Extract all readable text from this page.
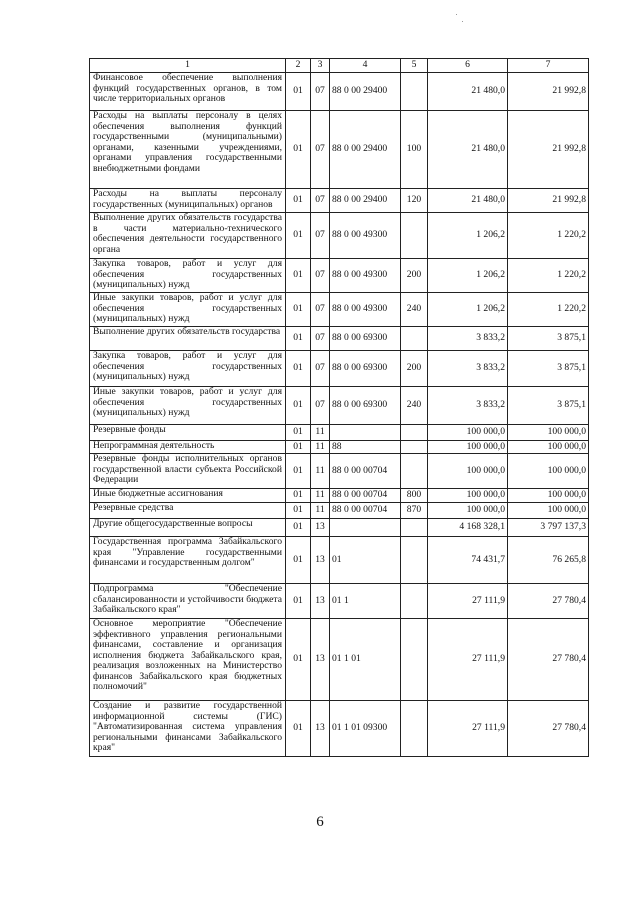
1	2	3	4	5	6	7
Финансовое обеспечение выполнения функций государственных органов, в том числе территориальных органов	01	07	88 0 00 29400		21 480,0	21 992,8
Расходы на выплаты персоналу в целях обеспечения выполнения функций государственными (муниципальными) органами, казенными учреждениями, органами управления государственными внебюджетными фондами	01	07	88 0 00 29400	100	21 480,0	21 992,8
Расходы на выплаты персоналу государственных (муниципальных) органов	01	07	88 0 00 29400	120	21 480,0	21 992,8
Выполнение других обязательств государства в части материально-технического обеспечения деятельности государственного органа	01	07	88 0 00 49300		1 206,2	1 220,2
Закупка товаров, работ и услуг для обеспечения государственных (муниципальных) нужд	01	07	88 0 00 49300	200	1 206,2	1 220,2
Иные закупки товаров, работ и услуг для обеспечения государственных (муниципальных) нужд	01	07	88 0 00 49300	240	1 206,2	1 220,2
Выполнение других обязательств государства	01	07	88 0 00 69300		3 833,2	3 875,1
Закупка товаров, работ и услуг для обеспечения государственных (муниципальных) нужд	01	07	88 0 00 69300	200	3 833,2	3 875,1
Иные закупки товаров, работ и услуг для обеспечения государственных (муниципальных) нужд	01	07	88 0 00 69300	240	3 833,2	3 875,1
Резервные фонды	01	11			100 000,0	100 000,0
Непрограммная деятельность	01	11	88		100 000,0	100 000,0
Резервные фонды исполнительных органов государственной власти субъекта Российской Федерации	01	11	88 0 00 00704		100 000,0	100 000,0
Иные бюджетные ассигнования	01	11	88 0 00 00704	800	100 000,0	100 000,0
Резервные средства	01	11	88 0 00 00704	870	100 000,0	100 000,0
Другие общегосударственные вопросы	01	13			4 168 328,1	3 797 137,3
Государственная программа Забайкальского края "Управление государственными финансами и государственным долгом"	01	13	01		74 431,7	76 265,8
Подпрограмма "Обеспечение сбалансированности и устойчивости бюджета Забайкальского края"	01	13	01 1		27 111,9	27 780,4
Основное мероприятие "Обеспечение эффективного управления региональными финансами, составление и организация исполнения бюджета Забайкальского края, реализация возложенных на Министерство финансов Забайкальского края бюджетных полномочий"	01	13	01 1 01		27 111,9	27 780,4
Создание и развитие государственной информационной системы (ГИС) "Автоматизированная система управления региональными финансами Забайкальского края"	01	13	01 1 01 09300		27 111,9	27 780,4
6
